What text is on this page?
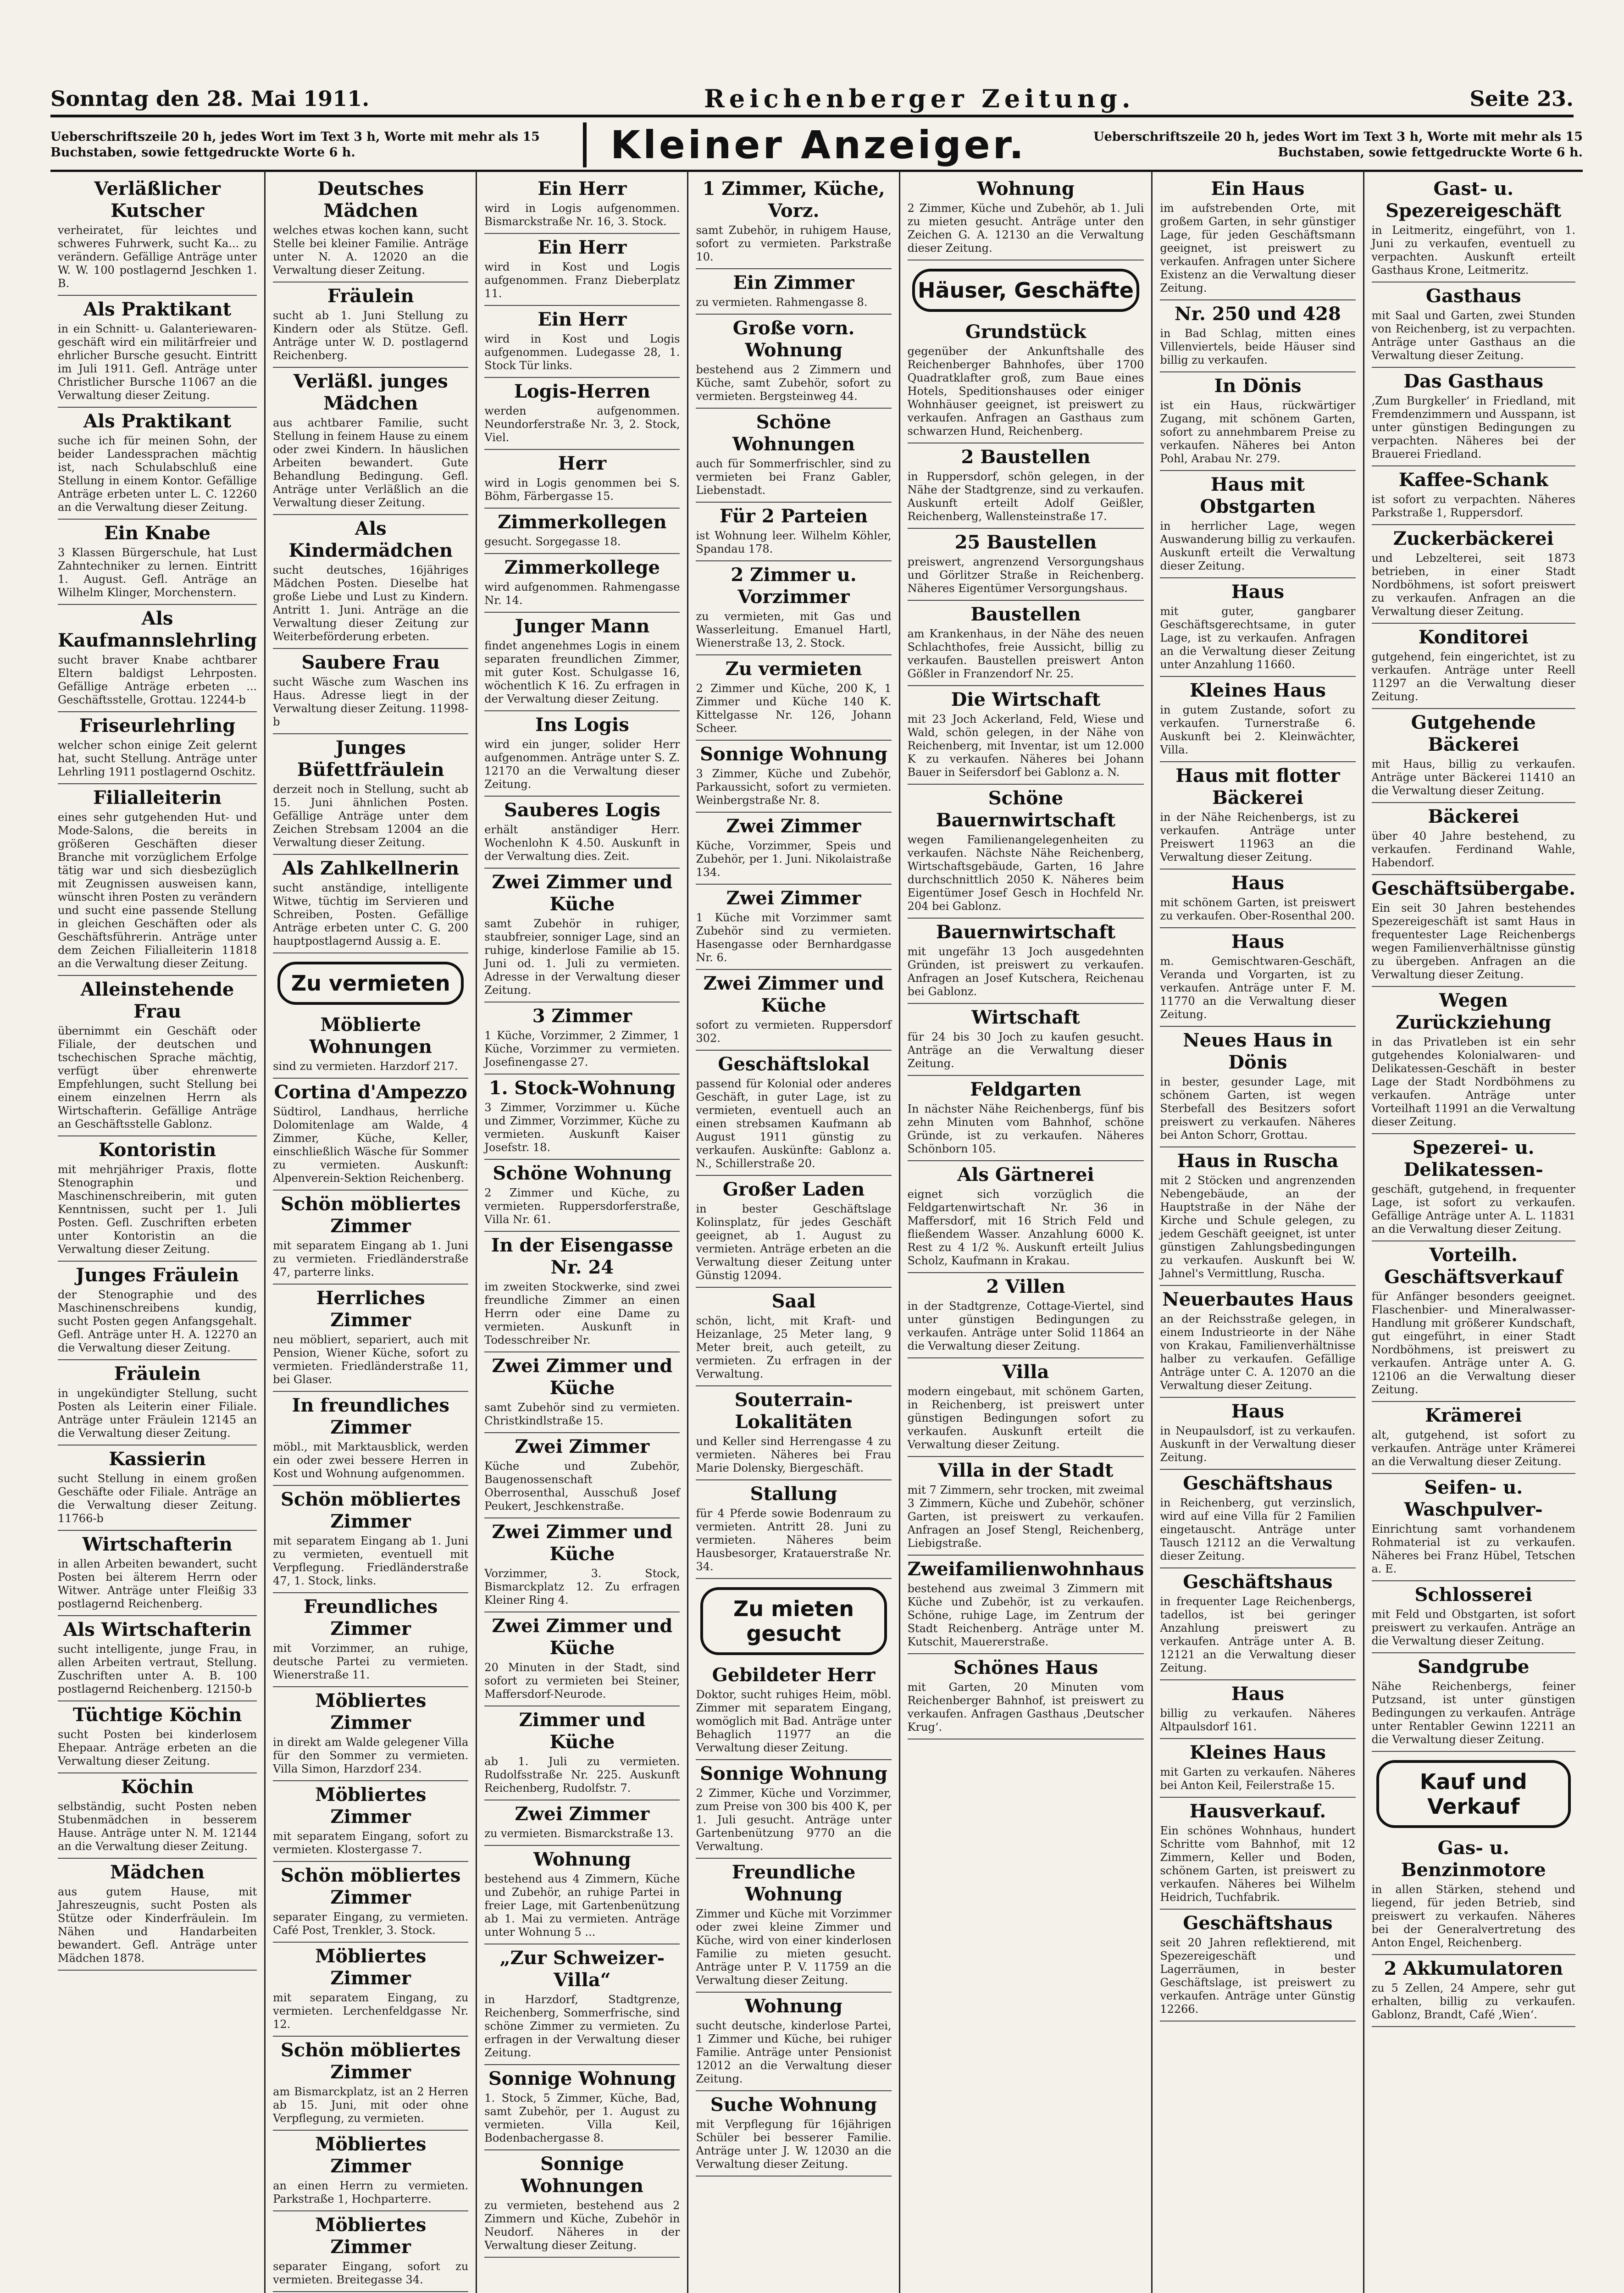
Sonntag den 28. Mai 1911.	Reichenberger Zeitung.	Seite 23.
Ueberschriftszeile 20 h, jedes Wort im Text 3 h, Worte mit mehr als 15 Buchstaben, sowie fettgedruckte Worte 6 h.	Kleiner Anzeiger.	Ueberschriftszeile 20 h, jedes Wort im Text 3 h, Worte mit mehr als 15 Buchstaben, sowie fettgedruckte Worte 6 h.
Verläßlicher Kutscher

verheiratet, für leichtes und schweres Fuhrwerk, sucht Ka... zu verändern. Gefällige Anträge unter W. W. 100 postlagernd Jeschken 1. B.

Als Praktikant

in ein Schnitt- u. Galanteriewaren-geschäft wird ein militärfreier und ehrlicher Bursche gesucht. Eintritt im Juli 1911. Gefl. Anträge unter Christlicher Bursche 11067 an die Verwaltung dieser Zeitung.

Als Praktikant

suche ich für meinen Sohn, der beider Landessprachen mächtig ist, nach Schulabschluß eine Stellung in einem Kontor. Gefällige Anträge erbeten unter L. C. 12260 an die Verwaltung dieser Zeitung.

Ein Knabe

3 Klassen Bürgerschule, hat Lust Zahntechniker zu lernen. Eintritt 1. August. Gefl. Anträge an Wilhelm Klinger, Morchenstern.

Als Kaufmannslehrling

sucht braver Knabe achtbarer Eltern baldigst Lehrposten. Gefällige Anträge erbeten ... Geschäftsstelle, Grottau. 12244-b

Friseurlehrling

welcher schon einige Zeit gelernt hat, sucht Stellung. Anträge unter Lehrling 1911 postlagernd Oschitz.

Filialleiterin

eines sehr gutgehenden Hut- und Mode-Salons, die bereits in größeren Geschäften dieser Branche mit vorzüglichem Erfolge tätig war und sich diesbezüglich mit Zeugnissen ausweisen kann, wünscht ihren Posten zu verändern und sucht eine passende Stellung in gleichen Geschäften oder als Geschäftsführerin. Anträge unter dem Zeichen Filialleiterin 11818 an die Verwaltung dieser Zeitung.

Alleinstehende Frau

übernimmt ein Geschäft oder Filiale, der deutschen und tschechischen Sprache mächtig, verfügt über ehrenwerte Empfehlungen, sucht Stellung bei einem einzelnen Herrn als Wirtschafterin. Gefällige Anträge an Geschäftsstelle Gablonz.

Kontoristin

mit mehrjähriger Praxis, flotte Stenographin und Maschinenschreiberin, mit guten Kenntnissen, sucht per 1. Juli Posten. Gefl. Zuschriften erbeten unter Kontoristin an die Verwaltung dieser Zeitung.

Junges Fräulein

der Stenographie und des Maschinenschreibens kundig, sucht Posten gegen Anfangsgehalt. Gefl. Anträge unter H. A. 12270 an die Verwaltung dieser Zeitung.

Fräulein

in ungekündigter Stellung, sucht Posten als Leiterin einer Filiale. Anträge unter Fräulein 12145 an die Verwaltung dieser Zeitung.

Kassierin

sucht Stellung in einem großen Geschäfte oder Filiale. Anträge an die Verwaltung dieser Zeitung. 11766-b

Wirtschafterin

in allen Arbeiten bewandert, sucht Posten bei älterem Herrn oder Witwer. Anträge unter Fleißig 33 postlagernd Reichenberg.

Als Wirtschafterin

sucht intelligente, junge Frau, in allen Arbeiten vertraut, Stellung. Zuschriften unter A. B. 100 postlagernd Reichenberg. 12150-b

Tüchtige Köchin

sucht Posten bei kinderlosem Ehepaar. Anträge erbeten an die Verwaltung dieser Zeitung.

Köchin

selbständig, sucht Posten neben Stubenmädchen in besserem Hause. Anträge unter N. M. 12144 an die Verwaltung dieser Zeitung.

Mädchen

aus gutem Hause, mit Jahreszeugnis, sucht Posten als Stütze oder Kinderfräulein. Im Nähen und Handarbeiten bewandert. Gefl. Anträge unter Mädchen 1878.

Deutsches Mädchen

welches etwas kochen kann, sucht Stelle bei kleiner Familie. Anträge unter N. A. 12020 an die Verwaltung dieser Zeitung.

Fräulein

sucht ab 1. Juni Stellung zu Kindern oder als Stütze. Gefl. Anträge unter W. D. postlagernd Reichenberg.

Verläßl. junges Mädchen

aus achtbarer Familie, sucht Stellung in feinem Hause zu einem oder zwei Kindern. In häuslichen Arbeiten bewandert. Gute Behandlung Bedingung. Gefl. Anträge unter Verläßlich an die Verwaltung dieser Zeitung.

Als Kindermädchen

sucht deutsches, 16jähriges Mädchen Posten. Dieselbe hat große Liebe und Lust zu Kindern. Antritt 1. Juni. Anträge an die Verwaltung dieser Zeitung zur Weiterbeförderung erbeten.

Saubere Frau

sucht Wäsche zum Waschen ins Haus. Adresse liegt in der Verwaltung dieser Zeitung. 11998-b

Junges Büfettfräulein

derzeit noch in Stellung, sucht ab 15. Juni ähnlichen Posten. Gefällige Anträge unter dem Zeichen Strebsam 12004 an die Verwaltung dieser Zeitung.

Als Zahlkellnerin

sucht anständige, intelligente Witwe, tüchtig im Servieren und Schreiben, Posten. Gefällige Anträge erbeten unter C. G. 200 hauptpostlagernd Aussig a. E.

Zu vermieten
Möblierte Wohnungen

sind zu vermieten. Harzdorf 217.

Cortina d'Ampezzo

Südtirol, Landhaus, herrliche Dolomitenlage am Walde, 4 Zimmer, Küche, Keller, einschließlich Wäsche für Sommer zu vermieten. Auskunft: Alpenverein-Sektion Reichenberg.

Schön möbliertes Zimmer

mit separatem Eingang ab 1. Juni zu vermieten. Friedländerstraße 47, parterre links.

Herrliches Zimmer

neu möbliert, separiert, auch mit Pension, Wiener Küche, sofort zu vermieten. Friedländerstraße 11, bei Glaser.

In freundliches Zimmer

möbl., mit Marktausblick, werden ein oder zwei bessere Herren in Kost und Wohnung aufgenommen.

Schön möbliertes Zimmer

mit separatem Eingang ab 1. Juni zu vermieten, eventuell mit Verpflegung. Friedländerstraße 47, 1. Stock, links.

Freundliches Zimmer

mit Vorzimmer, an ruhige, deutsche Partei zu vermieten. Wienerstraße 11.

Möbliertes Zimmer

in direkt am Walde gelegener Villa für den Sommer zu vermieten. Villa Simon, Harzdorf 234.

Möbliertes Zimmer

mit separatem Eingang, sofort zu vermieten. Klostergasse 7.

Schön möbliertes Zimmer

separater Eingang, zu vermieten. Café Post, Trenkler, 3. Stock.

Möbliertes Zimmer

mit separatem Eingang, zu vermieten. Lerchenfeldgasse Nr. 12.

Schön möbliertes Zimmer

am Bismarckplatz, ist an 2 Herren ab 15. Juni, mit oder ohne Verpflegung, zu vermieten.

Möbliertes Zimmer

an einen Herrn zu vermieten. Parkstraße 1, Hochparterre.

Möbliertes Zimmer

separater Eingang, sofort zu vermieten. Breitegasse 34.

Ein Herr

wird in Logis aufgenommen. Bismarckstraße Nr. 16, 3. Stock.

Ein Herr

wird in Kost und Logis aufgenommen. Franz Dieberplatz 11.

Ein Herr

wird in Kost und Logis aufgenommen. Ludegasse 28, 1. Stock Tür links.

Logis-Herren

werden aufgenommen. Neundorferstraße Nr. 3, 2. Stock, Viel.

Herr

wird in Logis genommen bei S. Böhm, Färbergasse 15.

Zimmerkollegen

gesucht. Sorgegasse 18.

Zimmerkollege

wird aufgenommen. Rahmengasse Nr. 14.

Junger Mann

findet angenehmes Logis in einem separaten freundlichen Zimmer, mit guter Kost. Schulgasse 16, wöchentlich K 16. Zu erfragen in der Verwaltung dieser Zeitung.

Ins Logis

wird ein junger, solider Herr aufgenommen. Anträge unter S. Z. 12170 an die Verwaltung dieser Zeitung.

Sauberes Logis

erhält anständiger Herr. Wochenlohn K 4.50. Auskunft in der Verwaltung dies. Zeit.

Zwei Zimmer und Küche

samt Zubehör in ruhiger, staubfreier, sonniger Lage, sind an ruhige, kinderlose Familie ab 15. Juni od. 1. Juli zu vermieten. Adresse in der Verwaltung dieser Zeitung.

3 Zimmer

1 Küche, Vorzimmer, 2 Zimmer, 1 Küche, Vorzimmer zu vermieten. Josefinengasse 27.

1. Stock-Wohnung

3 Zimmer, Vorzimmer u. Küche und Zimmer, Vorzimmer, Küche zu vermieten. Auskunft Kaiser Josefstr. 18.

Schöne Wohnung

2 Zimmer und Küche, zu vermieten. Ruppersdorferstraße, Villa Nr. 61.

In der Eisengasse Nr. 24

im zweiten Stockwerke, sind zwei freundliche Zimmer an einen Herrn oder eine Dame zu vermieten. Auskunft in Todesschreiber Nr.

Zwei Zimmer und Küche

samt Zubehör sind zu vermieten. Christkindlstraße 15.

Zwei Zimmer

Küche und Zubehör, Baugenossenschaft Oberrosenthal, Ausschuß Josef Peukert, Jeschkenstraße.

Zwei Zimmer und Küche

Vorzimmer, 3. Stock, Bismarckplatz 12. Zu erfragen Kleiner Ring 4.

Zwei Zimmer und Küche

20 Minuten in der Stadt, sind sofort zu vermieten bei Steiner, Maffersdorf-Neurode.

Zimmer und Küche

ab 1. Juli zu vermieten. Rudolfsstraße Nr. 225. Auskunft Reichenberg, Rudolfstr. 7.

Zwei Zimmer

zu vermieten. Bismarckstraße 13.

Wohnung

bestehend aus 4 Zimmern, Küche und Zubehör, an ruhige Partei in freier Lage, mit Gartenbenützung ab 1. Mai zu vermieten. Anträge unter Wohnung 5 ...

„Zur Schweizer-Villa“

in Harzdorf, Stadtgrenze, Reichenberg, Sommerfrische, sind schöne Zimmer zu vermieten. Zu erfragen in der Verwaltung dieser Zeitung.

Sonnige Wohnung

1. Stock, 5 Zimmer, Küche, Bad, samt Zubehör, per 1. August zu vermieten. Villa Keil, Bodenbachergasse 8.

Sonnige Wohnungen

zu vermieten, bestehend aus 2 Zimmern und Küche, Zubehör in Neudorf. Näheres in der Verwaltung dieser Zeitung.

1 Zimmer, Küche, Vorz.

samt Zubehör, in ruhigem Hause, sofort zu vermieten. Parkstraße 10.

Ein Zimmer

zu vermieten. Rahmengasse 8.

Große vorn. Wohnung

bestehend aus 2 Zimmern und Küche, samt Zubehör, sofort zu vermieten. Bergsteinweg 44.

Schöne Wohnungen

auch für Sommerfrischler, sind zu vermieten bei Franz Gabler, Liebenstadt.

Für 2 Parteien

ist Wohnung leer. Wilhelm Köhler, Spandau 178.

2 Zimmer u. Vorzimmer

zu vermieten, mit Gas und Wasserleitung. Emanuel Hartl, Wienerstraße 13, 2. Stock.

Zu vermieten

2 Zimmer und Küche, 200 K, 1 Zimmer und Küche 140 K. Kittelgasse Nr. 126, Johann Scheer.

Sonnige Wohnung

3 Zimmer, Küche und Zubehör, Parkaussicht, sofort zu vermieten. Weinbergstraße Nr. 8.

Zwei Zimmer

Küche, Vorzimmer, Speis und Zubehör, per 1. Juni. Nikolaistraße 134.

Zwei Zimmer

1 Küche mit Vorzimmer samt Zubehör sind zu vermieten. Hasengasse oder Bernhardgasse Nr. 6.

Zwei Zimmer und Küche

sofort zu vermieten. Ruppersdorf 302.

Geschäftslokal

passend für Kolonial oder anderes Geschäft, in guter Lage, ist zu vermieten, eventuell auch an einen strebsamen Kaufmann ab August 1911 günstig zu verkaufen. Auskünfte: Gablonz a. N., Schillerstraße 20.

Großer Laden

in bester Geschäftslage Kolinsplatz, für jedes Geschäft geeignet, ab 1. August zu vermieten. Anträge erbeten an die Verwaltung dieser Zeitung unter Günstig 12094.

Saal

schön, licht, mit Kraft- und Heizanlage, 25 Meter lang, 9 Meter breit, auch geteilt, zu vermieten. Zu erfragen in der Verwaltung.

Souterrain-Lokalitäten

und Keller sind Herrengasse 4 zu vermieten. Näheres bei Frau Marie Dolensky, Biergeschäft.

Stallung

für 4 Pferde sowie Bodenraum zu vermieten. Antritt 28. Juni zu vermieten. Näheres beim Hausbesorger, Kratauerstraße Nr. 34.

Zu mieten gesucht
Gebildeter Herr

Doktor, sucht ruhiges Heim, möbl. Zimmer mit separatem Eingang, womöglich mit Bad. Anträge unter Behaglich 11977 an die Verwaltung dieser Zeitung.

Sonnige Wohnung

2 Zimmer, Küche und Vorzimmer, zum Preise von 300 bis 400 K, per 1. Juli gesucht. Anträge unter Gartenbenützung 9770 an die Verwaltung.

Freundliche Wohnung

Zimmer und Küche mit Vorzimmer oder zwei kleine Zimmer und Küche, wird von einer kinderlosen Familie zu mieten gesucht. Anträge unter P. V. 11759 an die Verwaltung dieser Zeitung.

Wohnung

sucht deutsche, kinderlose Partei, 1 Zimmer und Küche, bei ruhiger Familie. Anträge unter Pensionist 12012 an die Verwaltung dieser Zeitung.

Suche Wohnung

mit Verpflegung für 16jährigen Schüler bei besserer Familie. Anträge unter J. W. 12030 an die Verwaltung dieser Zeitung.

Wohnung

2 Zimmer, Küche und Zubehör, ab 1. Juli zu mieten gesucht. Anträge unter den Zeichen G. A. 12130 an die Verwaltung dieser Zeitung.

Häuser, Geschäfte
Grundstück

gegenüber der Ankunftshalle des Reichenberger Bahnhofes, über 1700 Quadratklafter groß, zum Baue eines Hotels, Speditionshauses oder einiger Wohnhäuser geeignet, ist preiswert zu verkaufen. Anfragen an Gasthaus zum schwarzen Hund, Reichenberg.

2 Baustellen

in Ruppersdorf, schön gelegen, in der Nähe der Stadtgrenze, sind zu verkaufen. Auskunft erteilt Adolf Geißler, Reichenberg, Wallensteinstraße 17.

25 Baustellen

preiswert, angrenzend Versorgungshaus und Görlitzer Straße in Reichenberg. Näheres Eigentümer Versorgungshaus.

Baustellen

am Krankenhaus, in der Nähe des neuen Schlachthofes, freie Aussicht, billig zu verkaufen. Baustellen preiswert Anton Gößler in Franzendorf Nr. 25.

Die Wirtschaft

mit 23 Joch Ackerland, Feld, Wiese und Wald, schön gelegen, in der Nähe von Reichenberg, mit Inventar, ist um 12.000 K zu verkaufen. Näheres bei Johann Bauer in Seifersdorf bei Gablonz a. N.

Schöne Bauernwirtschaft

wegen Familienangelegenheiten zu verkaufen. Nächste Nähe Reichenberg, Wirtschaftsgebäude, Garten, 16 Jahre durchschnittlich 2050 K. Näheres beim Eigentümer Josef Gesch in Hochfeld Nr. 204 bei Gablonz.

Bauernwirtschaft

mit ungefähr 13 Joch ausgedehnten Gründen, ist preiswert zu verkaufen. Anfragen an Josef Kutschera, Reichenau bei Gablonz.

Wirtschaft

für 24 bis 30 Joch zu kaufen gesucht. Anträge an die Verwaltung dieser Zeitung.

Feldgarten

In nächster Nähe Reichenbergs, fünf bis zehn Minuten vom Bahnhof, schöne Gründe, ist zu verkaufen. Näheres Schönborn 105.

Als Gärtnerei

eignet sich vorzüglich die Feldgartenwirtschaft Nr. 36 in Maffersdorf, mit 16 Strich Feld und fließendem Wasser. Anzahlung 6000 K. Rest zu 4 1/2 %. Auskunft erteilt Julius Scholz, Kaufmann in Krakau.

2 Villen

in der Stadtgrenze, Cottage-Viertel, sind unter günstigen Bedingungen zu verkaufen. Anträge unter Solid 11864 an die Verwaltung dieser Zeitung.

Villa

modern eingebaut, mit schönem Garten, in Reichenberg, ist preiswert unter günstigen Bedingungen sofort zu verkaufen. Auskunft erteilt die Verwaltung dieser Zeitung.

Villa in der Stadt

mit 7 Zimmern, sehr trocken, mit zweimal 3 Zimmern, Küche und Zubehör, schöner Garten, ist preiswert zu verkaufen. Anfragen an Josef Stengl, Reichenberg, Liebigstraße.

Zweifamilienwohnhaus

bestehend aus zweimal 3 Zimmern mit Küche und Zubehör, ist zu verkaufen. Schöne, ruhige Lage, im Zentrum der Stadt Reichenberg. Anträge unter M. Kutschit, Mauererstraße.

Schönes Haus

mit Garten, 20 Minuten vom Reichenberger Bahnhof, ist preiswert zu verkaufen. Anfragen Gasthaus ‚Deutscher Krug‘.

Ein Haus

im aufstrebenden Orte, mit großem Garten, in sehr günstiger Lage, für jeden Geschäftsmann geeignet, ist preiswert zu verkaufen. Anfragen unter Sichere Existenz an die Verwaltung dieser Zeitung.

Nr. 250 und 428

in Bad Schlag, mitten eines Villenviertels, beide Häuser sind billig zu verkaufen.

In Dönis

ist ein Haus, rückwärtiger Zugang, mit schönem Garten, sofort zu annehmbarem Preise zu verkaufen. Näheres bei Anton Pohl, Arabau Nr. 279.

Haus mit Obstgarten

in herrlicher Lage, wegen Auswanderung billig zu verkaufen. Auskunft erteilt die Verwaltung dieser Zeitung.

Haus

mit guter, gangbarer Geschäftsgerechtsame, in guter Lage, ist zu verkaufen. Anfragen an die Verwaltung dieser Zeitung unter Anzahlung 11660.

Kleines Haus

in gutem Zustande, sofort zu verkaufen. Turnerstraße 6. Auskunft bei 2. Kleinwächter, Villa.

Haus mit flotter Bäckerei

in der Nähe Reichenbergs, ist zu verkaufen. Anträge unter Preiswert 11963 an die Verwaltung dieser Zeitung.

Haus

mit schönem Garten, ist preiswert zu verkaufen. Ober-Rosenthal 200.

Haus

m. Gemischtwaren-Geschäft, Veranda und Vorgarten, ist zu verkaufen. Anträge unter F. M. 11770 an die Verwaltung dieser Zeitung.

Neues Haus in Dönis

in bester, gesunder Lage, mit schönem Garten, ist wegen Sterbefall des Besitzers sofort preiswert zu verkaufen. Näheres bei Anton Schorr, Grottau.

Haus in Ruscha

mit 2 Stöcken und angrenzenden Nebengebäude, an der Hauptstraße in der Nähe der Kirche und Schule gelegen, zu jedem Geschäft geeignet, ist unter günstigen Zahlungsbedingungen zu verkaufen. Auskunft bei W. Jahnel's Vermittlung, Ruscha.

Neuerbautes Haus

an der Reichsstraße gelegen, in einem Industrieorte in der Nähe von Krakau, Familienverhältnisse halber zu verkaufen. Gefällige Anträge unter C. A. 12070 an die Verwaltung dieser Zeitung.

Haus

in Neupaulsdorf, ist zu verkaufen. Auskunft in der Verwaltung dieser Zeitung.

Geschäftshaus

in Reichenberg, gut verzinslich, wird auf eine Villa für 2 Familien eingetauscht. Anträge unter Tausch 12112 an die Verwaltung dieser Zeitung.

Geschäftshaus

in frequenter Lage Reichenbergs, tadellos, ist bei geringer Anzahlung preiswert zu verkaufen. Anträge unter A. B. 12121 an die Verwaltung dieser Zeitung.

Haus

billig zu verkaufen. Näheres Altpaulsdorf 161.

Kleines Haus

mit Garten zu verkaufen. Näheres bei Anton Keil, Feilerstraße 15.

Hausverkauf.

Ein schönes Wohnhaus, hundert Schritte vom Bahnhof, mit 12 Zimmern, Keller und Boden, schönem Garten, ist preiswert zu verkaufen. Näheres bei Wilhelm Heidrich, Tuchfabrik.

Geschäftshaus

seit 20 Jahren reflektierend, mit Spezereigeschäft und Lagerräumen, in bester Geschäftslage, ist preiswert zu verkaufen. Anträge unter Günstig 12266.

Gast- u. Spezereigeschäft

in Leitmeritz, eingeführt, von 1. Juni zu verkaufen, eventuell zu verpachten. Auskunft erteilt Gasthaus Krone, Leitmeritz.

Gasthaus

mit Saal und Garten, zwei Stunden von Reichenberg, ist zu verpachten. Anträge unter Gasthaus an die Verwaltung dieser Zeitung.

Das Gasthaus

‚Zum Burgkeller‘ in Friedland, mit Fremdenzimmern und Ausspann, ist unter günstigen Bedingungen zu verpachten. Näheres bei der Brauerei Friedland.

Kaffee-Schank

ist sofort zu verpachten. Näheres Parkstraße 1, Ruppersdorf.

Zuckerbäckerei

und Lebzelterei, seit 1873 betrieben, in einer Stadt Nordböhmens, ist sofort preiswert zu verkaufen. Anfragen an die Verwaltung dieser Zeitung.

Konditorei

gutgehend, fein eingerichtet, ist zu verkaufen. Anträge unter Reell 11297 an die Verwaltung dieser Zeitung.

Gutgehende Bäckerei

mit Haus, billig zu verkaufen. Anträge unter Bäckerei 11410 an die Verwaltung dieser Zeitung.

Bäckerei

über 40 Jahre bestehend, zu verkaufen. Ferdinand Wahle, Habendorf.

Geschäftsübergabe.

Ein seit 30 Jahren bestehendes Spezereigeschäft ist samt Haus in frequentester Lage Reichenbergs wegen Familienverhältnisse günstig zu übergeben. Anfragen an die Verwaltung dieser Zeitung.

Wegen Zurückziehung

in das Privatleben ist ein sehr gutgehendes Kolonialwaren- und Delikatessen-Geschäft in bester Lage der Stadt Nordböhmens zu verkaufen. Anträge unter Vorteilhaft 11991 an die Verwaltung dieser Zeitung.

Spezerei- u. Delikatessen-

geschäft, gutgehend, in frequenter Lage, ist sofort zu verkaufen. Gefällige Anträge unter A. L. 11831 an die Verwaltung dieser Zeitung.

Vorteilh. Geschäftsverkauf

für Anfänger besonders geeignet. Flaschenbier- und Mineralwasser-Handlung mit größerer Kundschaft, gut eingeführt, in einer Stadt Nordböhmens, ist preiswert zu verkaufen. Anträge unter A. G. 12106 an die Verwaltung dieser Zeitung.

Krämerei

alt, gutgehend, ist sofort zu verkaufen. Anträge unter Krämerei an die Verwaltung dieser Zeitung.

Seifen- u. Waschpulver-

Einrichtung samt vorhandenem Rohmaterial ist zu verkaufen. Näheres bei Franz Hübel, Tetschen a. E.

Schlosserei

mit Feld und Obstgarten, ist sofort preiswert zu verkaufen. Anträge an die Verwaltung dieser Zeitung.

Sandgrube

Nähe Reichenbergs, feiner Putzsand, ist unter günstigen Bedingungen zu verkaufen. Anträge unter Rentabler Gewinn 12211 an die Verwaltung dieser Zeitung.

Kauf und Verkauf
Gas- u. Benzinmotore

in allen Stärken, stehend und liegend, für jeden Betrieb, sind preiswert zu verkaufen. Näheres bei der Generalvertretung des Anton Engel, Reichenberg.

2 Akkumulatoren

zu 5 Zellen, 24 Ampere, sehr gut erhalten, billig zu verkaufen. Gablonz, Brandt, Café ‚Wien‘.
